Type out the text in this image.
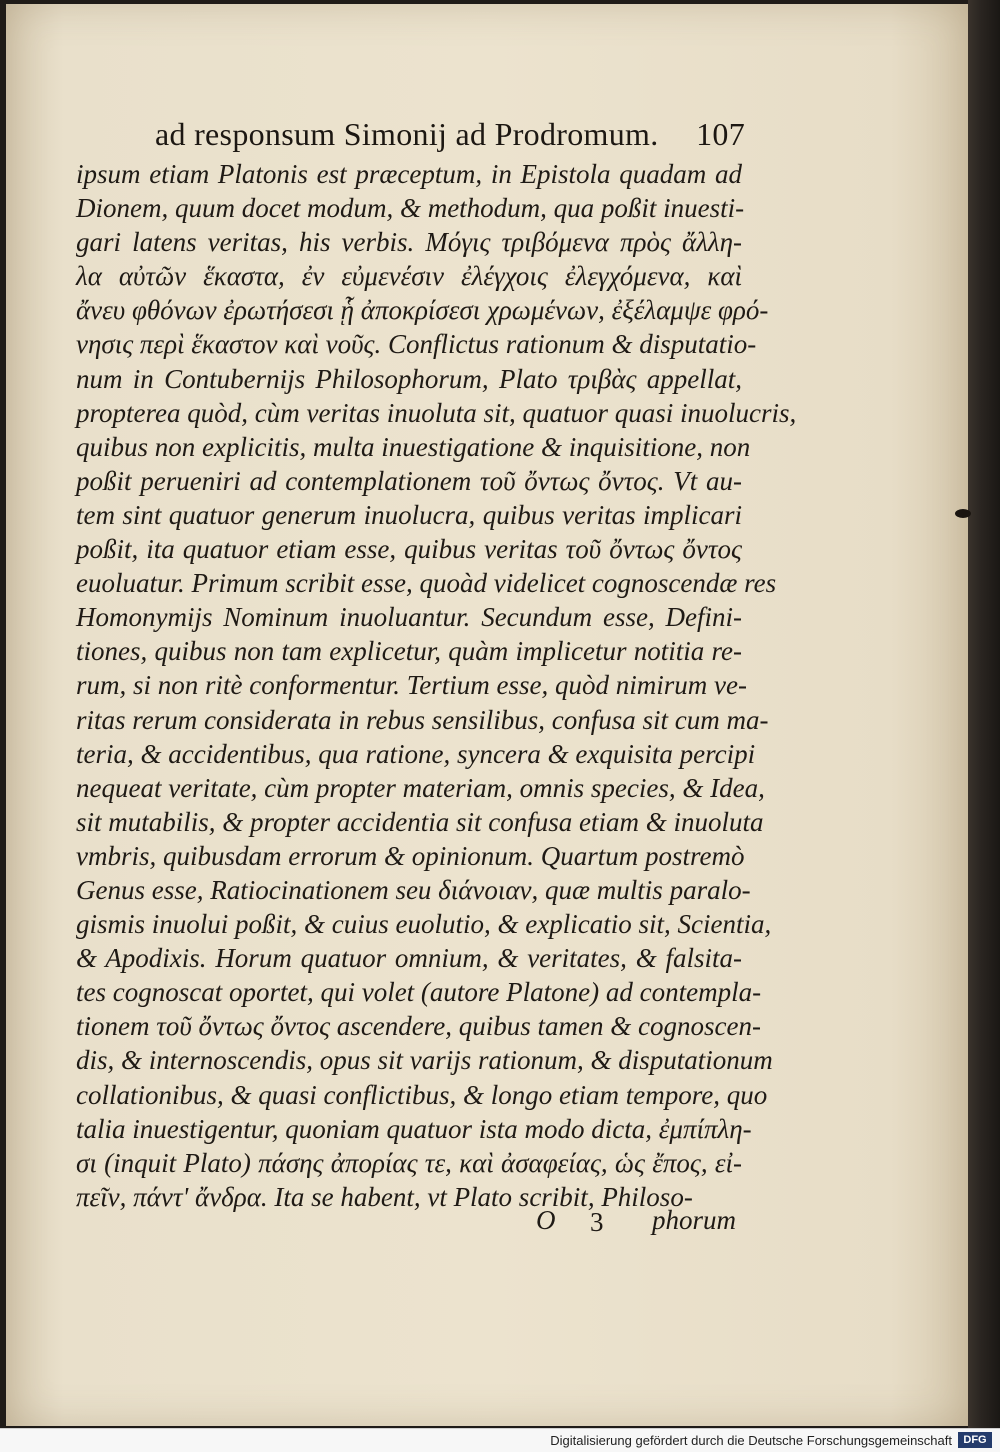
ad responsum Simonij ad Prodromum. 107
ipsum etiam Platonis est præceptum, in Epistola quadam ad
Dionem, quum docet modum, & methodum, qua poßit inuesti-
gari latens veritas, his verbis. Μόγις τριβόμενα πρὸς ἄλλη-
λα αὐτῶν ἕκαστα, ἐν εὐμενέσιν ἐλέγχοις ἐλεγχόμενα, καὶ
ἄνευ φθόνων ἐρωτήσεσι ᾗ ἀποκρίσεσι χρωμένων, ἐξέλαμψε φρό-
νησις περὶ ἕκαστον καὶ νοῦς. Conflictus rationum & disputatio-
num in Contubernijs Philosophorum, Plato τριβὰς appellat,
propterea quòd, cùm veritas inuoluta sit, quatuor quasi inuolucris,
quibus non explicitis, multa inuestigatione & inquisitione, non
poßit perueniri ad contemplationem τοῦ ὄντως ὄντος. Vt au-
tem sint quatuor generum inuolucra, quibus veritas implicari
poßit, ita quatuor etiam esse, quibus veritas τοῦ ὄντως ὄντος
euoluatur. Primum scribit esse, quoàd videlicet cognoscendæ res
Homonymijs Nominum inuoluantur. Secundum esse, Defini-
tiones, quibus non tam explicetur, quàm implicetur notitia re-
rum, si non ritè conformentur. Tertium esse, quòd nimirum ve-
ritas rerum considerata in rebus sensilibus, confusa sit cum ma-
teria, & accidentibus, qua ratione, syncera & exquisita percipi
nequeat veritate, cùm propter materiam, omnis species, & Idea,
sit mutabilis, & propter accidentia sit confusa etiam & inuoluta
vmbris, quibusdam errorum & opinionum. Quartum postremò
Genus esse, Ratiocinationem seu διάνοιαν, quæ multis paralo-
gismis inuolui poßit, & cuius euolutio, & explicatio sit, Scientia,
& Apodixis. Horum quatuor omnium, & veritates, & falsita-
tes cognoscat oportet, qui volet (autore Platone) ad contempla-
tionem τοῦ ὄντως ὄντος ascendere, quibus tamen & cognoscen-
dis, & internoscendis, opus sit varijs rationum, & disputationum
collationibus, & quasi conflictibus, & longo etiam tempore, quo
talia inuestigentur, quoniam quatuor ista modo dicta, ἐμπίπλη-
σι (inquit Plato) πάσης ἀπορίας τε, καὶ ἀσαφείας, ὡς ἔπος, εἰ-
πεῖν, πάντ' ἄνδρα. Ita se habent, vt Plato scribit, Philoso-
O 3 phorum
Digitalisierung gefördert durch die Deutsche Forschungsgemeinschaft	DFG
